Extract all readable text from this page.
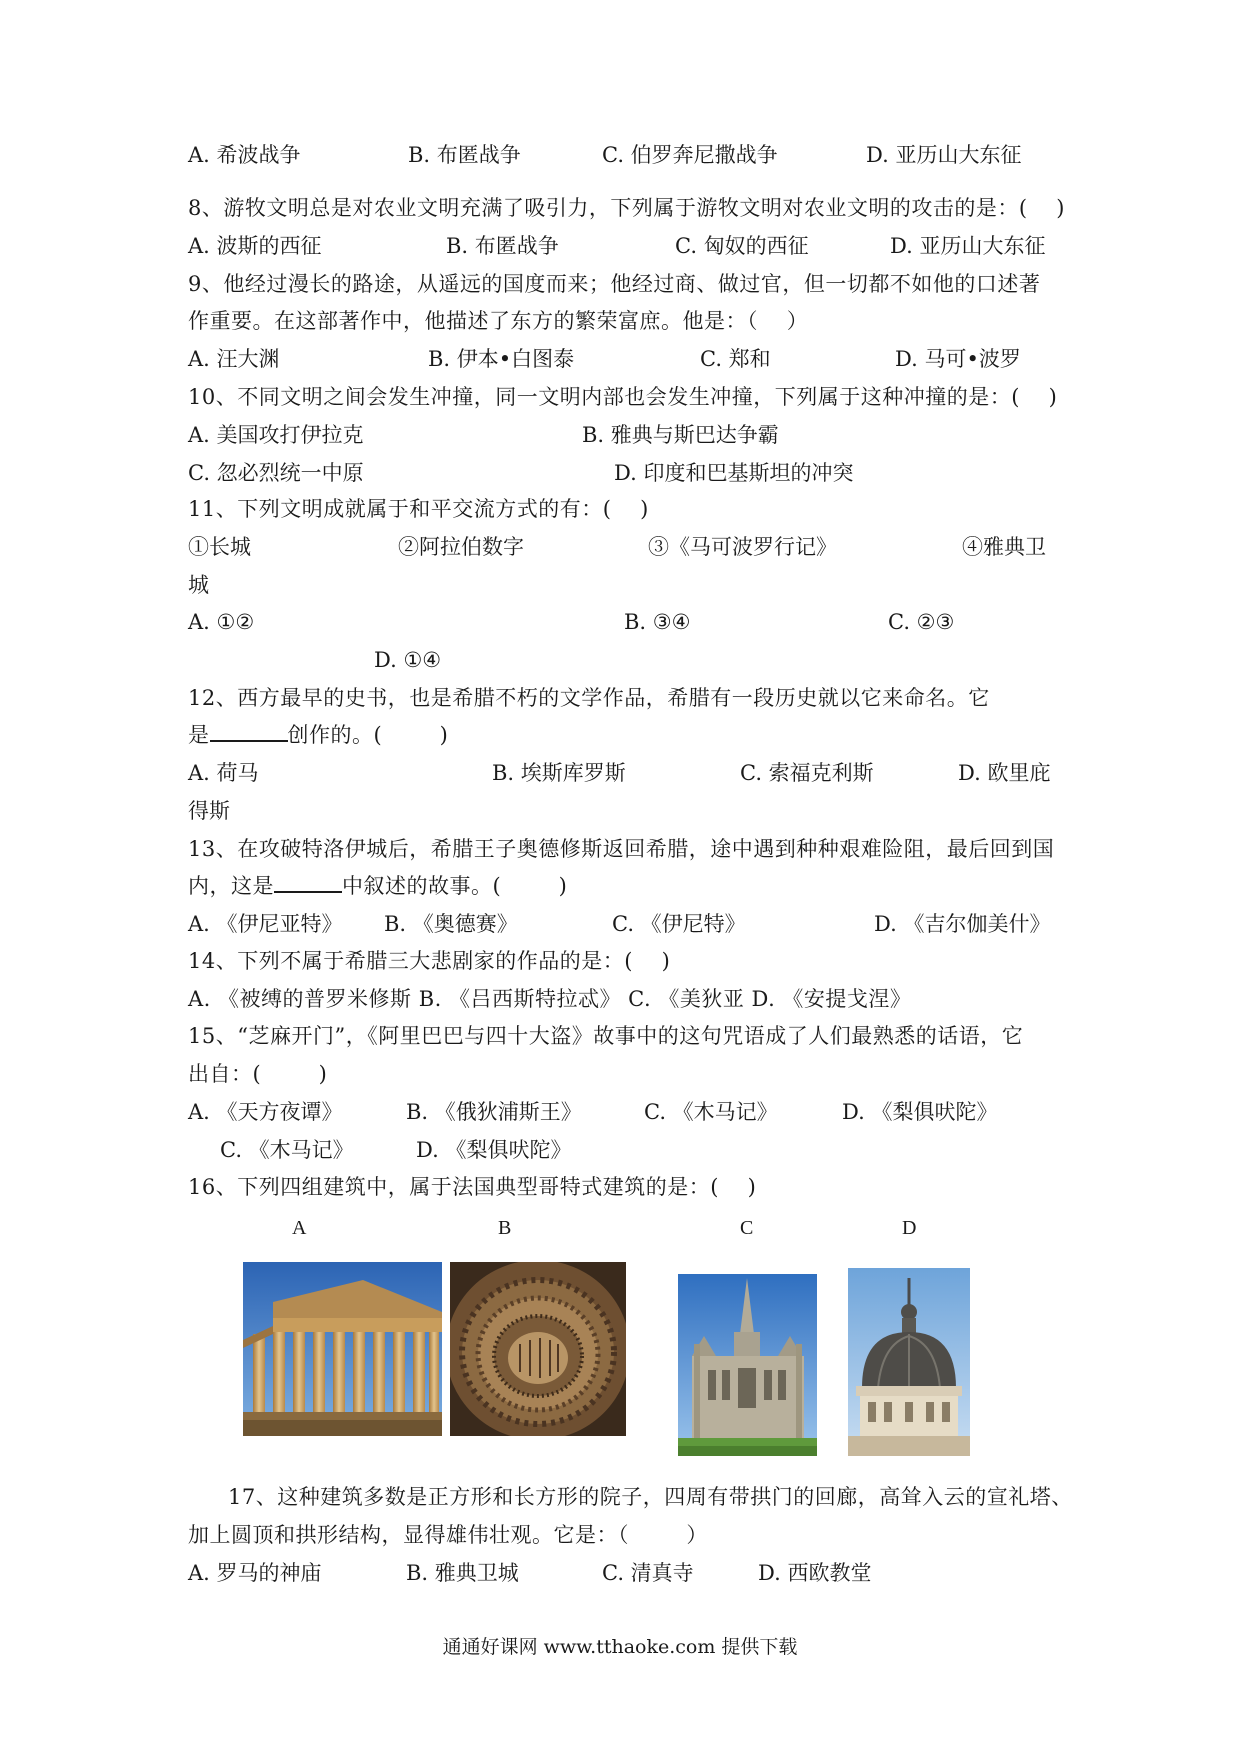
A. 希波战争	B. 布匿战争	C. 伯罗奔尼撒战争	D. 亚历山大东征
8、游牧文明总是对农业文明充满了吸引力，下列属于游牧文明对农业文明的攻击的是：(    )
A. 波斯的西征	B. 布匿战争	C. 匈奴的西征	D. 亚历山大东征
9、他经过漫长的路途，从遥远的国度而来；他经过商、做过官，但一切都不如他的口述著
作重要。在这部著作中，他描述了东方的繁荣富庶。他是：（    ）
A. 汪大渊	B. 伊本•白图泰	C. 郑和	D. 马可•波罗
10、不同文明之间会发生冲撞，同一文明内部也会发生冲撞，下列属于这种冲撞的是：(    )
A. 美国攻打伊拉克	B. 雅典与斯巴达争霸
C. 忽必烈统一中原	D. 印度和巴基斯坦的冲突
11、下列文明成就属于和平交流方式的有：(    )
①长城	②阿拉伯数字	③《马可波罗行记》	④雅典卫
城
A. ①②	B. ③④	C. ②③
D. ①④
12、西方最早的史书，也是希腊不朽的文学作品，希腊有一段历史就以它来命名。它
是	创作的。(        )
A. 荷马	B. 埃斯库罗斯	C. 索福克利斯	D. 欧里庇
得斯
13、在攻破特洛伊城后，希腊王子奥德修斯返回希腊，途中遇到种种艰难险阻，最后回到国
内，这是	中叙述的故事。(        )
A. 《伊尼亚特》 B. 《奥德赛》	C. 《伊尼特》	D. 《吉尔伽美什》
14、下列不属于希腊三大悲剧家的作品的是：(    )
A. 《被缚的普罗米修斯 B. 《吕西斯特拉忒》 C. 《美狄亚 D. 《安提戈涅》
15、“芝麻开门”，《阿里巴巴与四十大盗》故事中的这句咒语成了人们最熟悉的话语，它
出自：(        )
A. 《天方夜谭》	B. 《俄狄浦斯王》	C. 《木马记》	D. 《梨俱吠陀》
C. 《木马记》	D. 《梨俱吠陀》
16、下列四组建筑中，属于法国典型哥特式建筑的是：(    )
A	B	C	D
17、这种建筑多数是正方形和长方形的院子，四周有带拱门的回廊，高耸入云的宣礼塔、
加上圆顶和拱形结构，显得雄伟壮观。它是：（        ）
A. 罗马的神庙	B. 雅典卫城	C. 清真寺	D. 西欧教堂
通通好课网 www.tthaoke.com 提供下载
